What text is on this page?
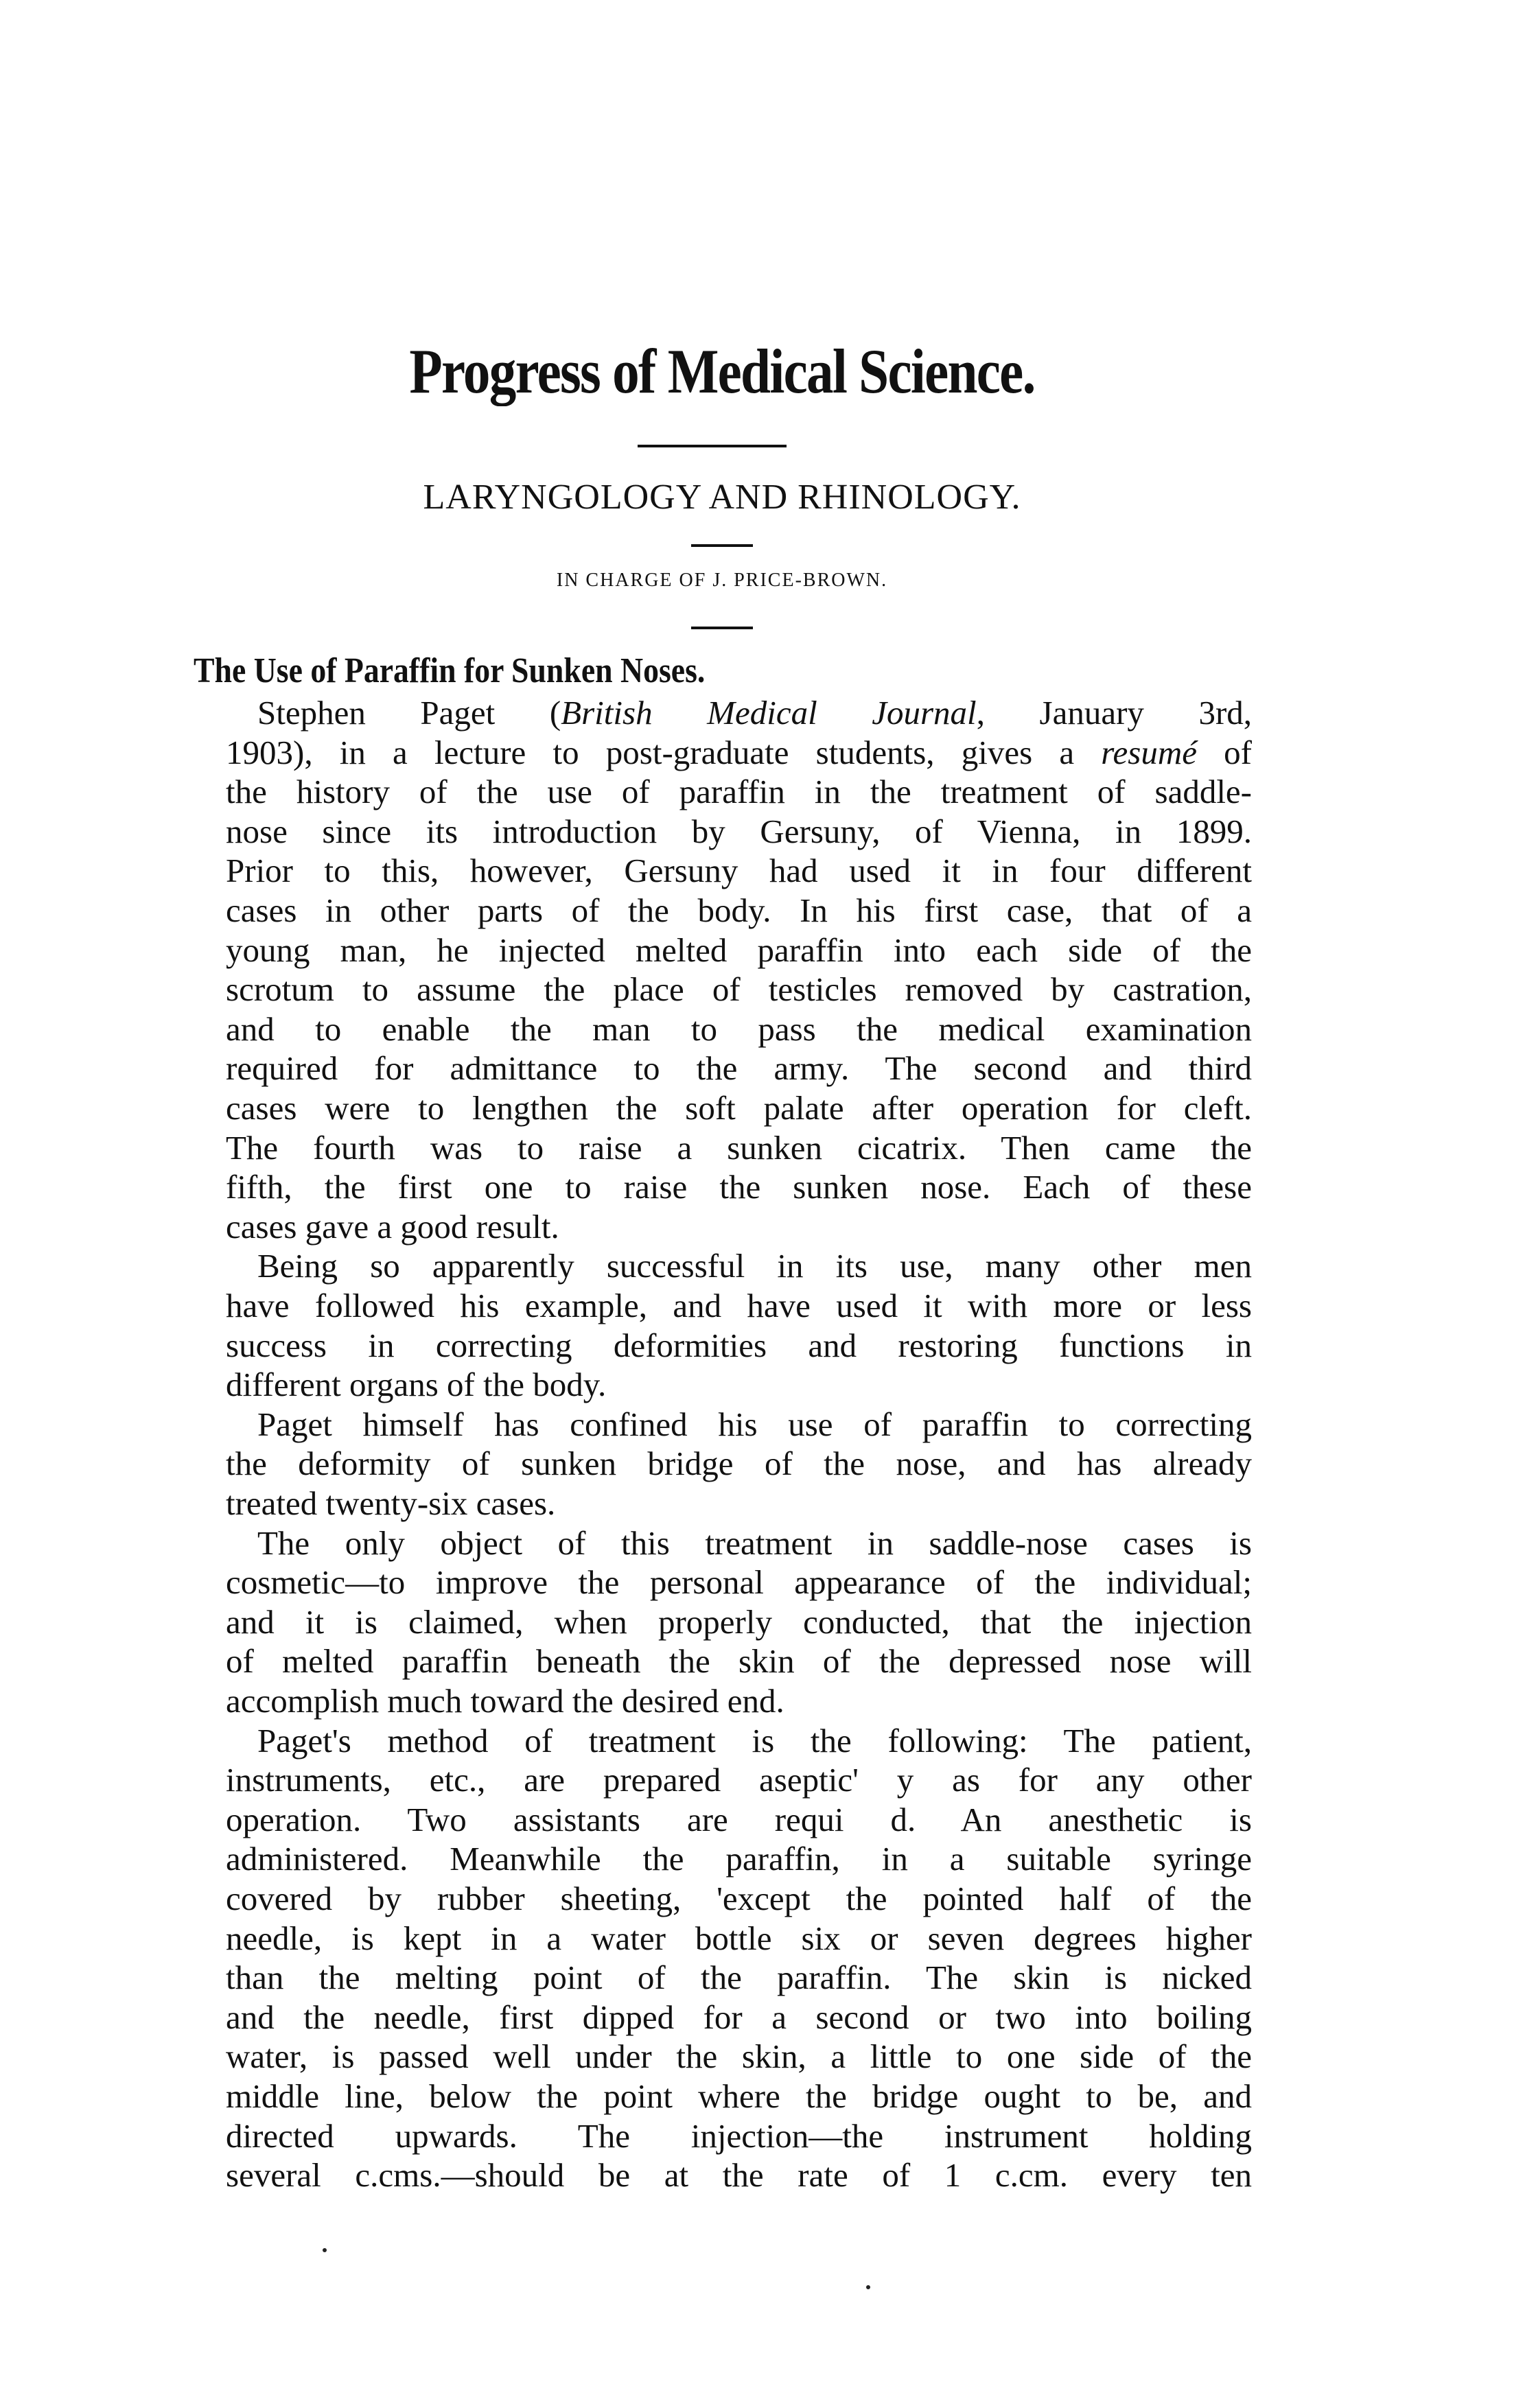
Progress of Medical Science.
LARYNGOLOGY AND RHINOLOGY.
IN CHARGE OF J. PRICE-BROWN.
The Use of Paraffin for Sunken Noses.
Stephen Paget (British Medical Journal, January 3rd,
1903), in a lecture to post-graduate students, gives a resumé of
the history of the use of paraffin in the treatment of saddle-
nose since its introduction by Gersuny, of Vienna, in 1899.
Prior to this, however, Gersuny had used it in four different
cases in other parts of the body. In his first case, that of a
young man, he injected melted paraffin into each side of the
scrotum to assume the place of testicles removed by castration,
and to enable the man to pass the medical examination
required for admittance to the army. The second and third
cases were to lengthen the soft palate after operation for cleft.
The fourth was to raise a sunken cicatrix. Then came the
fifth, the first one to raise the sunken nose. Each of these
cases gave a good result.
Being so apparently successful in its use, many other men
have followed his example, and have used it with more or less
success in correcting deformities and restoring functions in
different organs of the body.
Paget himself has confined his use of paraffin to correcting
the deformity of sunken bridge of the nose, and has already
treated twenty-six cases.
The only object of this treatment in saddle-nose cases is
cosmetic—to improve the personal appearance of the individual;
and it is claimed, when properly conducted, that the injection
of melted paraffin beneath the skin of the depressed nose will
accomplish much toward the desired end.
Paget's method of treatment is the following: The patient,
instruments, etc., are prepared aseptic' y as for any other
operation. Two assistants are requi d. An anesthetic is
administered. Meanwhile the paraffin, in a suitable syringe
covered by rubber sheeting, 'except the pointed half of the
needle, is kept in a water bottle six or seven degrees higher
than the melting point of the paraffin. The skin is nicked
and the needle, first dipped for a second or two into boiling
water, is passed well under the skin, a little to one side of the
middle line, below the point where the bridge ought to be, and
directed upwards. The injection—the instrument holding
several c.cms.—should be at the rate of 1 c.cm. every ten
